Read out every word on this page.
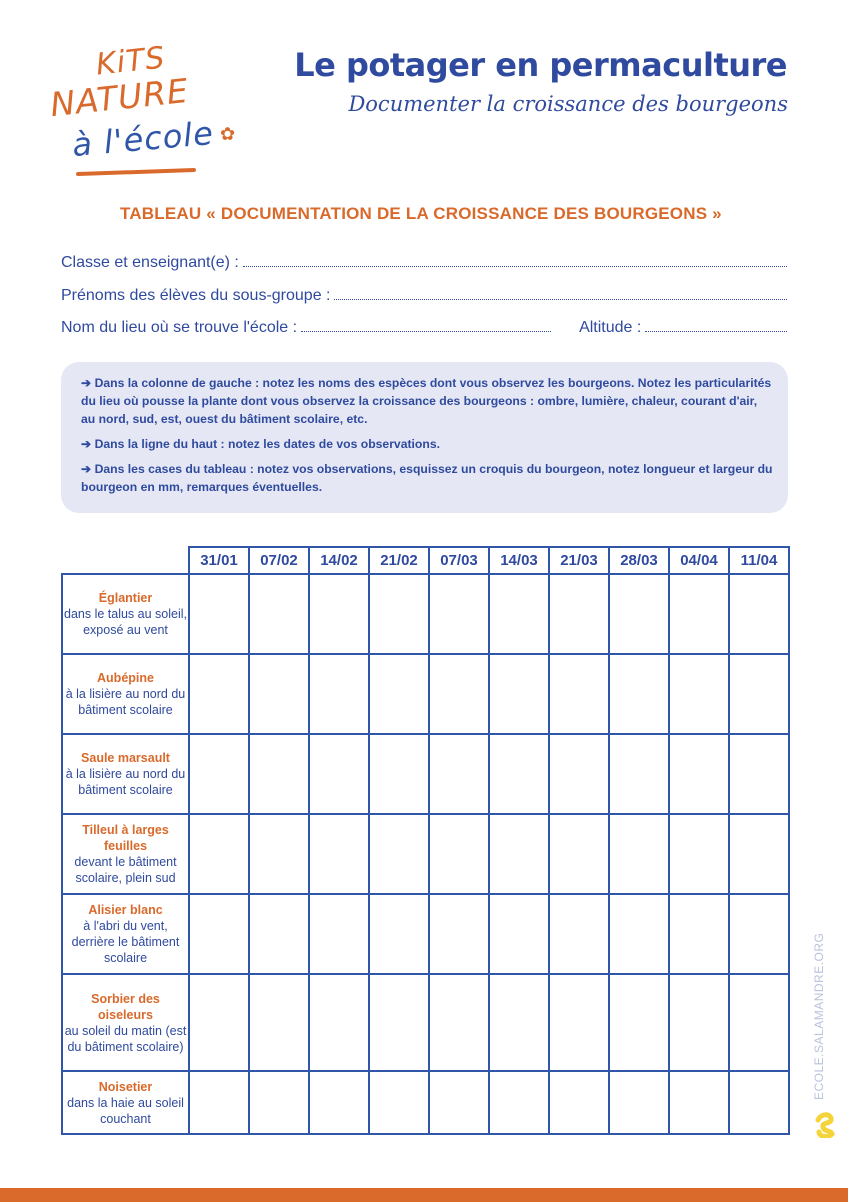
KiTS
NATURE
à l'école ✿
Le potager en permaculture
Documenter la croissance des bourgeons
TABLEAU « DOCUMENTATION DE LA CROISSANCE DES BOURGEONS »
Classe et enseignant(e) :
Prénoms des élèves du sous-groupe :
Nom du lieu où se trouve l'école :	Altitude :

➔ Dans la colonne de gauche : notez les noms des espèces dont vous observez les bourgeons. Notez les particularités du lieu où pousse la plante dont vous observez la croissance des bourgeons : ombre, lumière, chaleur, courant d'air, au nord, sud, est, ouest du bâtiment scolaire, etc.

➔ Dans la ligne du haut : notez les dates de vos observations.

➔ Dans les cases du tableau : notez vos observations, esquissez un croquis du bourgeon, notez longueur et largeur du bourgeon en mm, remarques éventuelles.

	31/01	07/02	14/02	21/02	07/03	14/03	21/03	28/03	04/04	11/04

Églantier
dans le talus au soleil, exposé au vent										

Aubépine
à la lisière au nord du bâtiment scolaire										

Saule marsault
à la lisière au nord du bâtiment scolaire										

Tilleul à larges feuilles
devant le bâtiment scolaire, plein sud										

Alisier blanc
à l'abri du vent, derrière le bâtiment scolaire										

Sorbier des oiseleurs
au soleil du matin (est du bâtiment scolaire)										

Noisetier
dans la haie au soleil couchant										
ECOLE.SALAMANDRE.ORG
